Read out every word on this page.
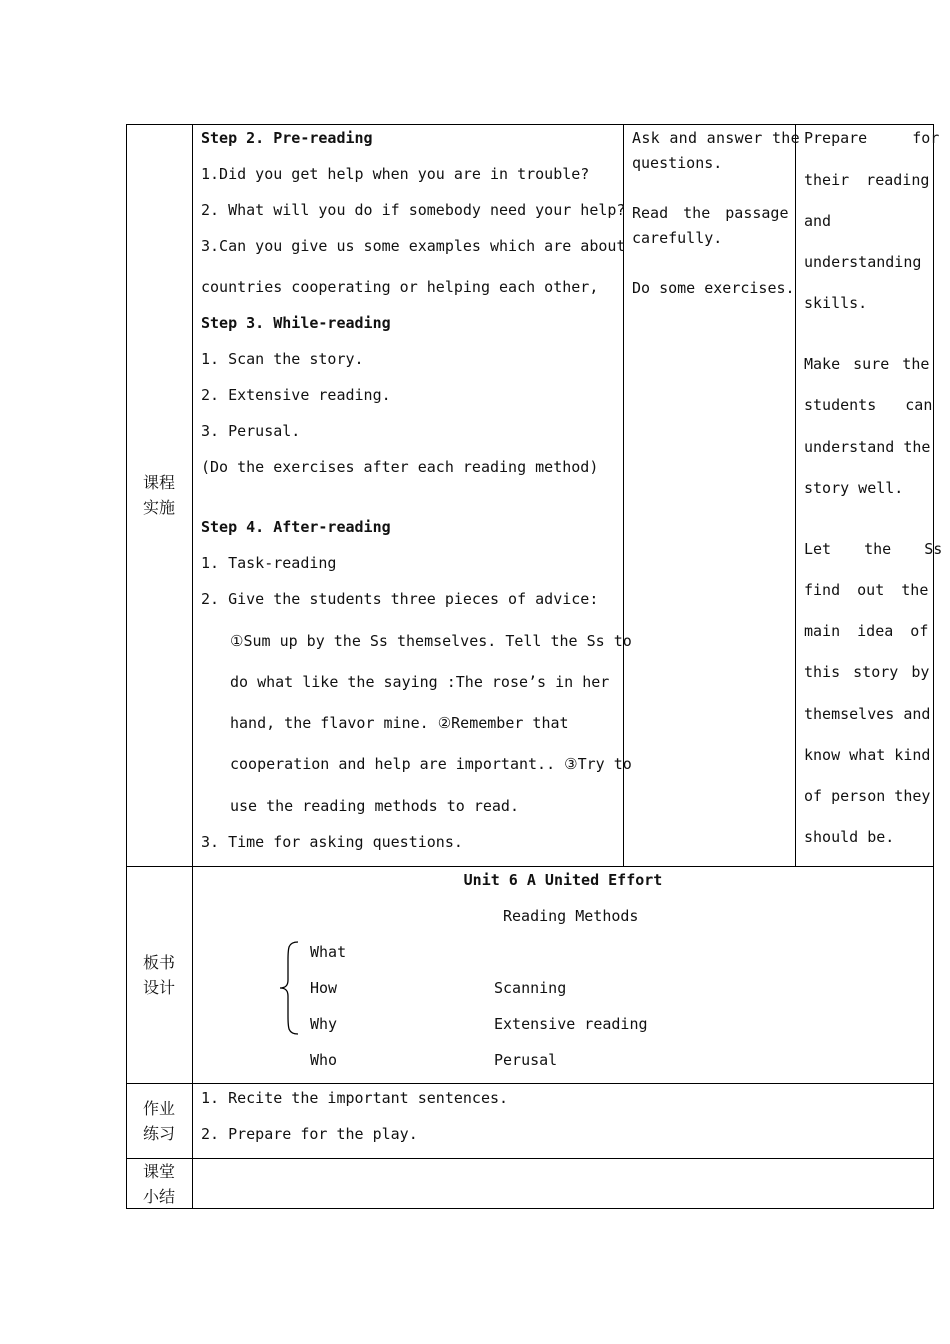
课程
实施
板书
设计
作业
练习
课堂
小结
Step 2. Pre-reading
1.Did you get help when you are in trouble?
2. What will you do if somebody need your help?
3.Can you give us some examples which are about
countries cooperating or helping each other,
Step 3. While-reading
1. Scan the story.
2. Extensive reading.
3. Perusal.
(Do the exercises after each reading method)
Step 4. After-reading
1. Task-reading
2. Give the students three pieces of advice:
①Sum up by the Ss themselves. Tell the Ss to
do what like the saying :The rose’s in her
hand, the flavor mine. ②Remember that
cooperation and help are important.. ③Try to
use the reading methods to read.
3. Time for asking questions.
Ask and answer the
questions.
Read the passage
carefully.
Do some exercises.
Prepare for
their reading
and
understanding
skills.
Make sure the
students can
understand the
story well.
Let the Ss
find out the
main idea of
this story by
themselves and
know what kind
of person they
should be.
Unit 6 A United Effort
Reading Methods
What
How
Why
Who
Scanning
Extensive reading
Perusal
1. Recite the important sentences.
2. Prepare for the play.
